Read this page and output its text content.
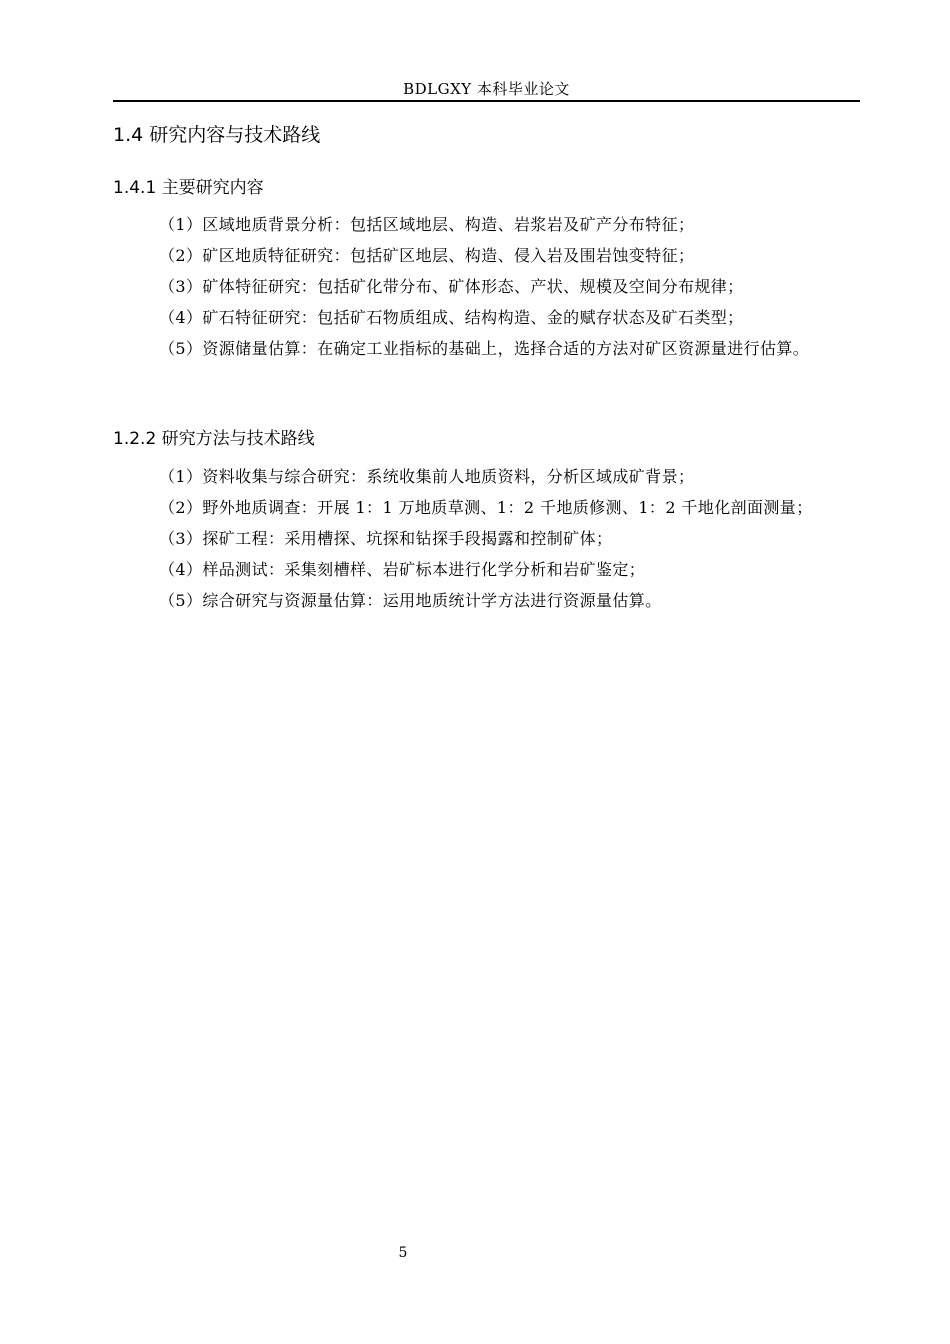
BDLGXY 本科毕业论文
1.4 研究内容与技术路线
1.4.1 主要研究内容

（1）区域地质背景分析：包括区域地层、构造、岩浆岩及矿产分布特征；

（2）矿区地质特征研究：包括矿区地层、构造、侵入岩及围岩蚀变特征；

（3）矿体特征研究：包括矿化带分布、矿体形态、产状、规模及空间分布规律；

（4）矿石特征研究：包括矿石物质组成、结构构造、金的赋存状态及矿石类型；

（5）资源储量估算：在确定工业指标的基础上，选择合适的方法对矿区资源量进行估算。

1.2.2 研究方法与技术路线

（1）资料收集与综合研究：系统收集前人地质资料，分析区域成矿背景；

（2）野外地质调查：开展 1：1 万地质草测、1：2 千地质修测、1：2 千地化剖面测量；

（3）探矿工程：采用槽探、坑探和钻探手段揭露和控制矿体；

（4）样品测试：采集刻槽样、岩矿标本进行化学分析和岩矿鉴定；

（5）综合研究与资源量估算：运用地质统计学方法进行资源量估算。

5
